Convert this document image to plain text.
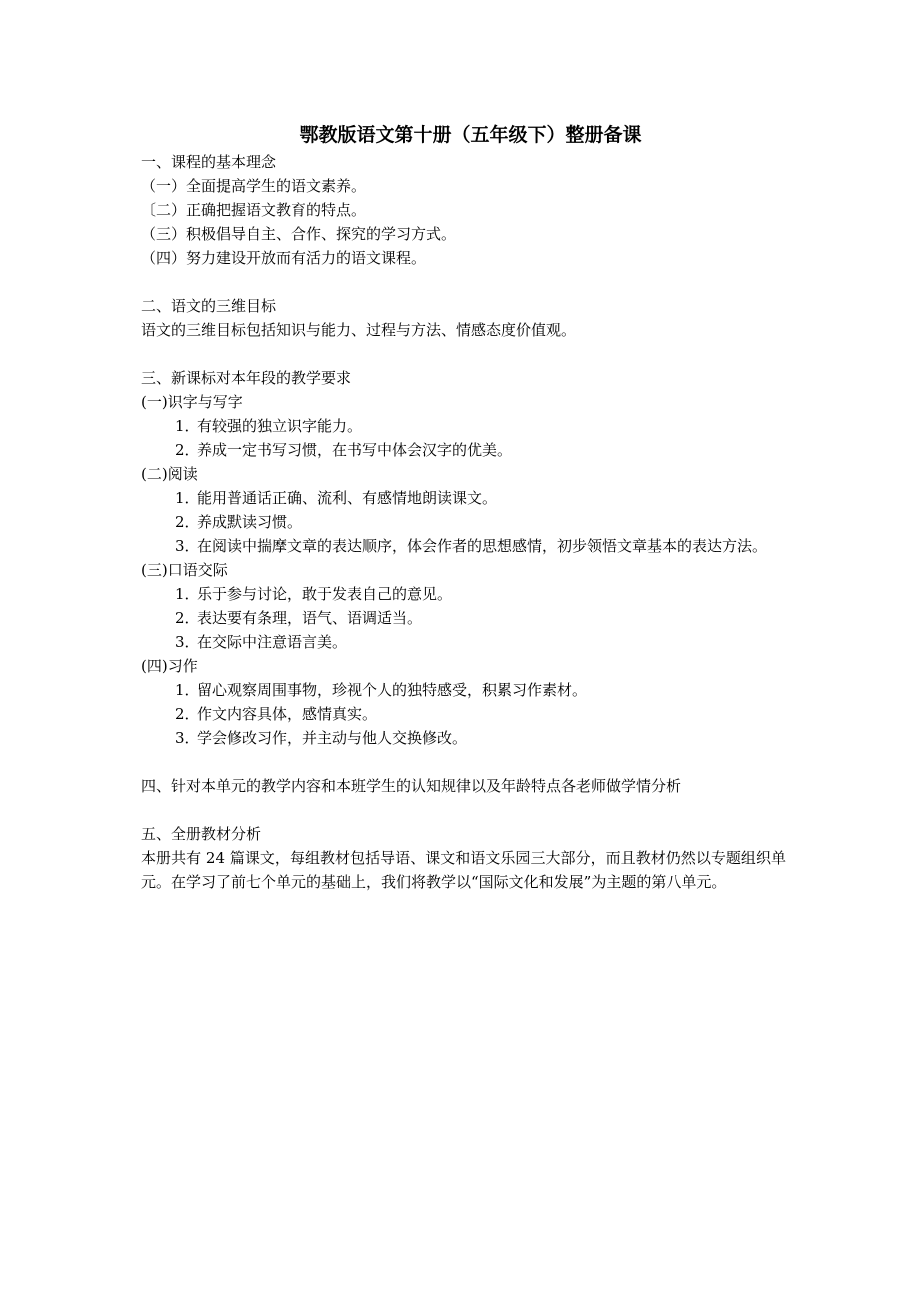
鄂教版语文第十册（五年级下）整册备课
一、课程的基本理念
（一）全面提高学生的语文素养。
〔二）正确把握语文教育的特点。
（三）积极倡导自主、合作、探究的学习方式。
（四）努力建设开放而有活力的语文课程。
二、语文的三维目标
语文的三维目标包括知识与能力、过程与方法、情感态度价值观。
三、新课标对本年段的教学要求
(一)识字与写字
1．
有较强的独立识字能力。
2．
养成一定书写习惯，在书写中体会汉字的优美。
(二)阅读
1．
能用普通话正确、流利、有感情地朗读课文。
2．
养成默读习惯。
3．
在阅读中揣摩文章的表达顺序，体会作者的思想感情，初步领悟文章基本的表达方法。
(三)口语交际
1．
乐于参与讨论，敢于发表自己的意见。
2．
表达要有条理，语气、语调适当。
3．
在交际中注意语言美。
(四)习作
1．
留心观察周围事物，珍视个人的独特感受，积累习作素材。
2．
作文内容具体，感情真实。
3．
学会修改习作，并主动与他人交换修改。
四、针对本单元的教学内容和本班学生的认知规律以及年龄特点各老师做学情分析
五、全册教材分析
本册共有 24 篇课文，每组教材包括导语、课文和语文乐园三大部分，而且教材仍然以专题组织单元。在学习了前七个单元的基础上，我们将教学以“国际文化和发展”为主题的第八单元。
